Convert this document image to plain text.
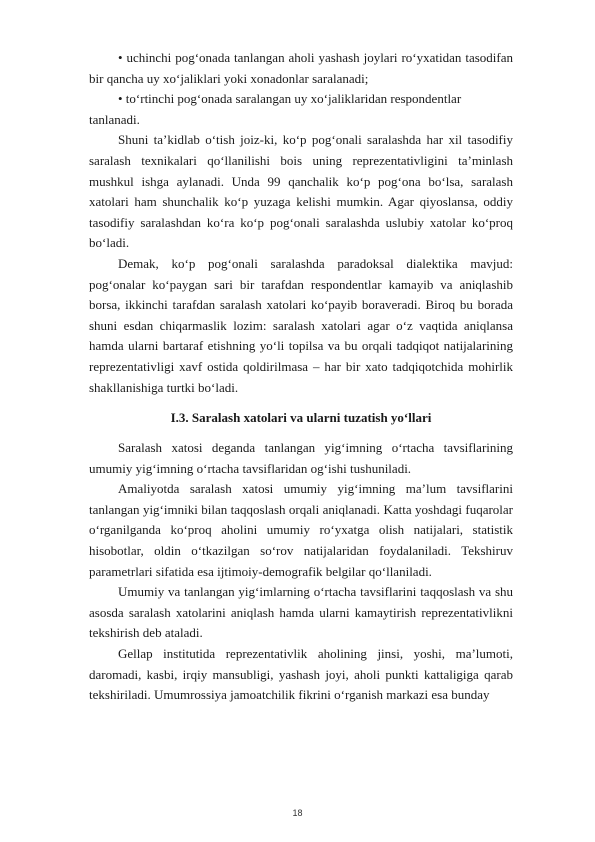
• uchinchi pog‘onada tanlangan aholi yashash joylari ro‘yxatidan tasodifan bir qancha uy xo‘jaliklari yoki xonadonlar saralanadi;

• to‘rtinchi pog‘onada saralangan uy xo‘jaliklaridan respondentlar tanlanadi.

Shuni ta’kidlab o‘tish joiz-ki, ko‘p pog‘onali saralashda har xil tasodifiy saralash texnikalari qo‘llanilishi bois uning reprezentativligini ta’minlash mushkul ishga aylanadi. Unda 99 qanchalik ko‘p pog‘ona bo‘lsa, saralash xatolari ham shunchalik ko‘p yuzaga kelishi mumkin. Agar qiyoslansa, oddiy tasodifiy saralashdan ko‘ra ko‘p pog‘onali saralashda uslubiy xatolar ko‘proq bo‘ladi.

Demak, ko‘p pog‘onali saralashda paradoksal dialektika mavjud: pog‘onalar ko‘paygan sari bir tarafdan respondentlar kamayib va aniqlashib borsa, ikkinchi tarafdan saralash xatolari ko‘payib boraveradi. Biroq bu borada shuni esdan chiqarmaslik lozim: saralash xatolari agar o‘z vaqtida aniqlansa hamda ularni bartaraf etishning yo‘li topilsa va bu orqali tadqiqot natijalarining reprezentativligi xavf ostida qoldirilmasa – har bir xato tadqiqotchida mohirlik shakllanishiga turtki bo‘ladi.

I.3. Saralash xatolari va ularni tuzatish yo‘llari

Saralash xatosi deganda tanlangan yig‘imning o‘rtacha tavsiflarining umumiy yig‘imning o‘rtacha tavsiflaridan og‘ishi tushuniladi.

Amaliyotda saralash xatosi umumiy yig‘imning ma’lum tavsiflarini tanlangan yig‘imniki bilan taqqoslash orqali aniqlanadi. Katta yoshdagi fuqarolar o‘rganilganda ko‘proq aholini umumiy ro‘yxatga olish natijalari, statistik hisobotlar, oldin o‘tkazilgan so‘rov natijalaridan foydalaniladi. Tekshiruv parametrlari sifatida esa ijtimoiy-demografik belgilar qo‘llaniladi.

Umumiy va tanlangan yig‘imlarning o‘rtacha tavsiflarini taqqoslash va shu asosda saralash xatolarini aniqlash hamda ularni kamaytirish reprezentativlikni tekshirish deb ataladi.

Gellap institutida reprezentativlik aholining jinsi, yoshi, ma’lumoti, daromadi, kasbi, irqiy mansubligi, yashash joyi, aholi punkti kattaligiga qarab tekshiriladi. Umumrossiya jamoatchilik fikrini o‘rganish markazi esa bunday

18
